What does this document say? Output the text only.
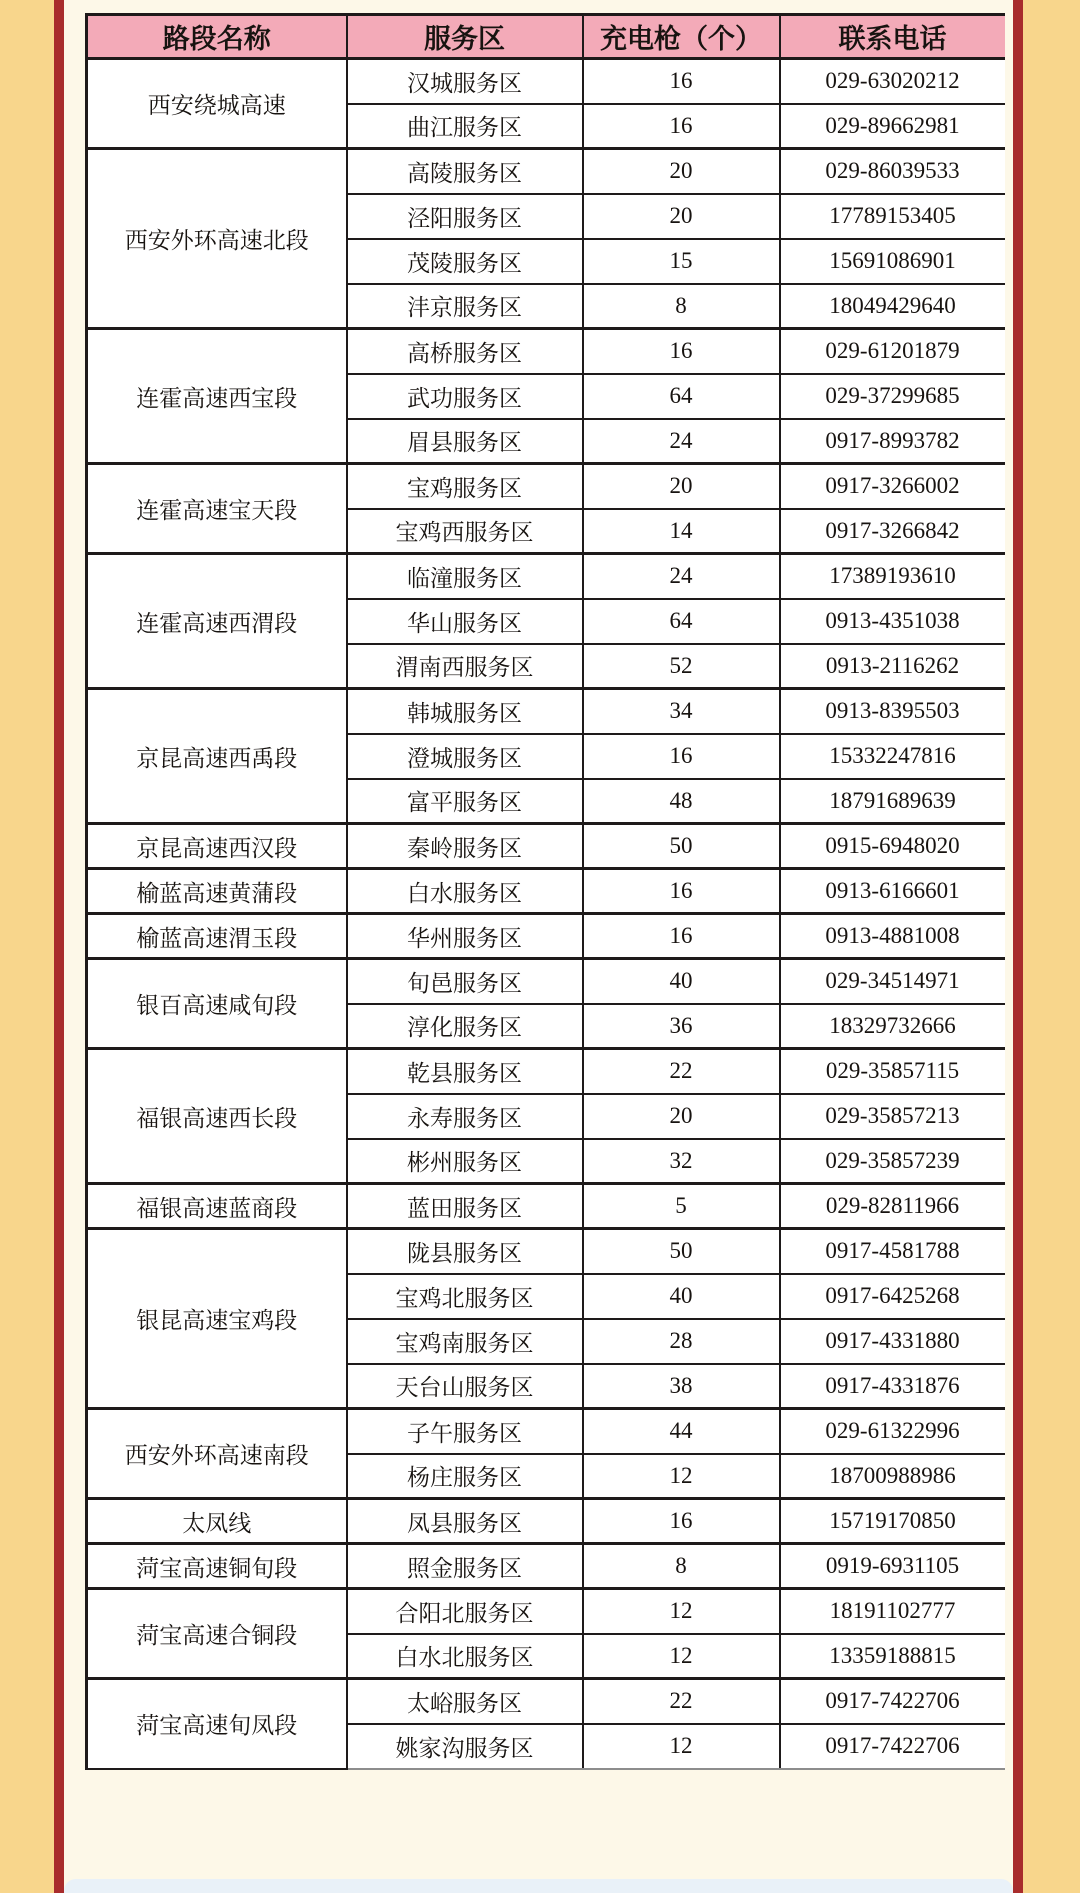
路段名称	服务区	充电枪（个）	联系电话
西安绕城高速	汉城服务区	16	029-63020212
	曲江服务区	16	029-89662981
西安外环高速北段	高陵服务区	20	029-86039533
	泾阳服务区	20	17789153405
	茂陵服务区	15	15691086901
	沣京服务区	8	18049429640
连霍高速西宝段	高桥服务区	16	029-61201879
	武功服务区	64	029-37299685
	眉县服务区	24	0917-8993782
连霍高速宝天段	宝鸡服务区	20	0917-3266002
	宝鸡西服务区	14	0917-3266842
连霍高速西渭段	临潼服务区	24	17389193610
	华山服务区	64	0913-4351038
	渭南西服务区	52	0913-2116262
京昆高速西禹段	韩城服务区	34	0913-8395503
	澄城服务区	16	15332247816
	富平服务区	48	18791689639
京昆高速西汉段	秦岭服务区	50	0915-6948020
榆蓝高速黄蒲段	白水服务区	16	0913-6166601
榆蓝高速渭玉段	华州服务区	16	0913-4881008
银百高速咸旬段	旬邑服务区	40	029-34514971
	淳化服务区	36	18329732666
福银高速西长段	乾县服务区	22	029-35857115
	永寿服务区	20	029-35857213
	彬州服务区	32	029-35857239
福银高速蓝商段	蓝田服务区	5	029-82811966
银昆高速宝鸡段	陇县服务区	50	0917-4581788
	宝鸡北服务区	40	0917-6425268
	宝鸡南服务区	28	0917-4331880
	天台山服务区	38	0917-4331876
西安外环高速南段	子午服务区	44	029-61322996
	杨庄服务区	12	18700988986
太凤线	凤县服务区	16	15719170850
菏宝高速铜旬段	照金服务区	8	0919-6931105
菏宝高速合铜段	合阳北服务区	12	18191102777
	白水北服务区	12	13359188815
菏宝高速旬凤段	太峪服务区	22	0917-7422706
	姚家沟服务区	12	0917-7422706
